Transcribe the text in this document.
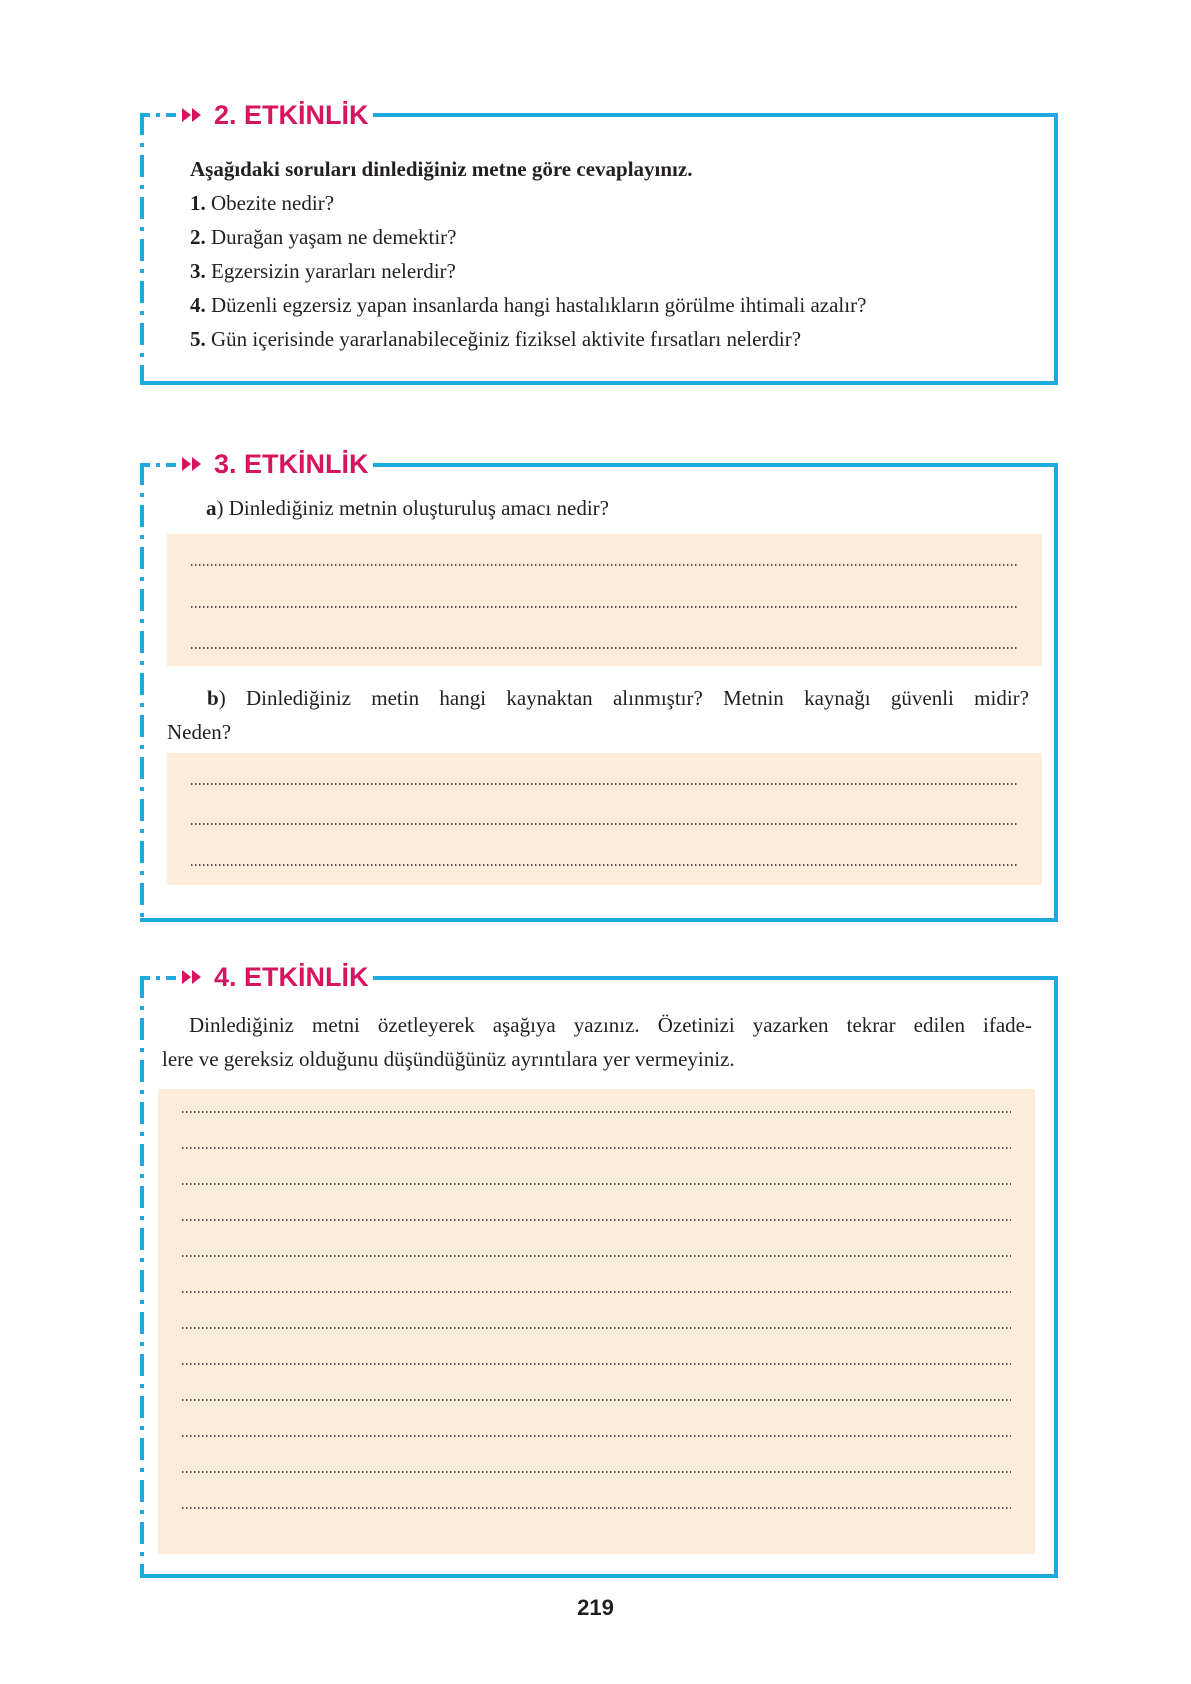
2. ETKİNLİK
Aşağıdaki soruları dinlediğiniz metne göre cevaplayınız.
1. Obezite nedir?
2. Durağan yaşam ne demektir?
3. Egzersizin yararları nelerdir?
4. Düzenli egzersiz yapan insanlarda hangi hastalıkların görülme ihtimali azalır?
5. Gün içerisinde yararlanabileceğiniz fiziksel aktivite fırsatları nelerdir?
3. ETKİNLİK
a) Dinlediğiniz metnin oluşturuluş amacı nedir?
b) Dinlediğiniz metin hangi kaynaktan alınmıştır? Metnin kaynağı güvenli midir?
Neden?
4. ETKİNLİK
Dinlediğiniz metni özetleyerek aşağıya yazınız. Özetinizi yazarken tekrar edilen ifade-
lere ve gereksiz olduğunu düşündüğünüz ayrıntılara yer vermeyiniz.
219
